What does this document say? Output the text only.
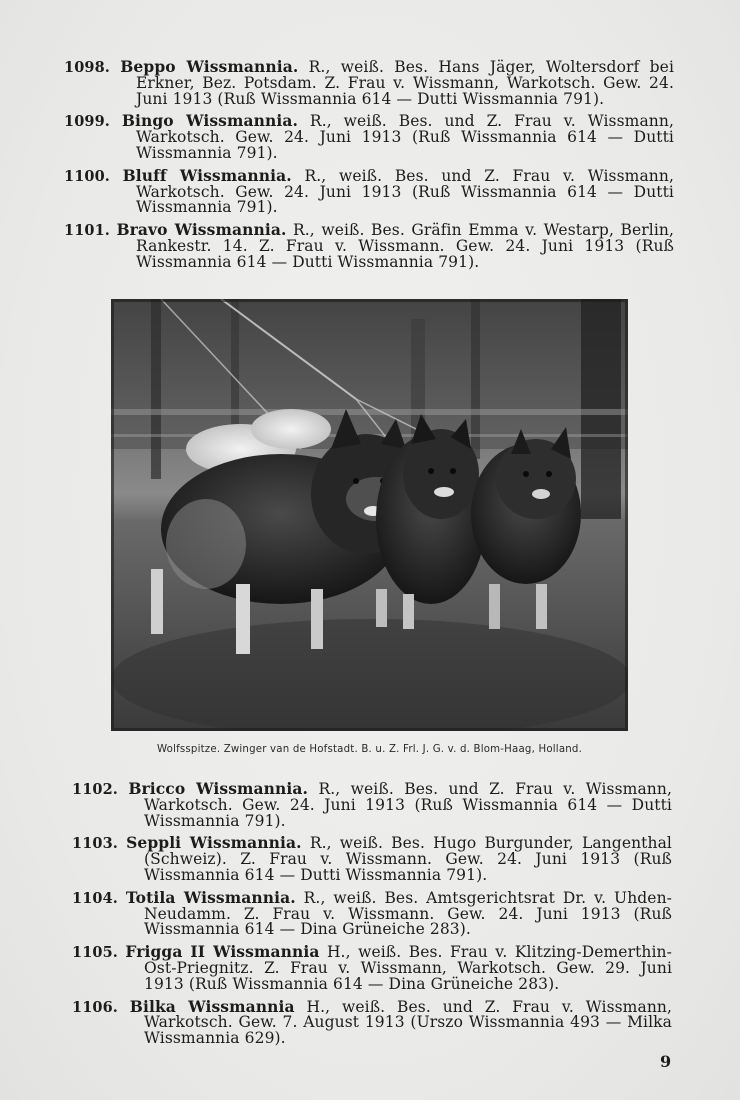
1098. Beppo Wissmannia. R., weiß. Bes. Hans Jäger, Woltersdorf bei Erkner, Bez. Potsdam. Z. Frau v. Wissmann, Warkotsch. Gew. 24. Juni 1913 (Ruß Wissmannia 614 — Dutti Wissmannia 791).

1099. Bingo Wissmannia. R., weiß. Bes. und Z. Frau v. Wissmann, Warkotsch. Gew. 24. Juni 1913 (Ruß Wissmannia 614 — Dutti Wissmannia 791).

1100. Bluff Wissmannia. R., weiß. Bes. und Z. Frau v. Wissmann, Warkotsch. Gew. 24. Juni 1913 (Ruß Wissmannia 614 — Dutti Wissmannia 791).

1101. Bravo Wissmannia. R., weiß. Bes. Gräfin Emma v. Westarp, Berlin, Rankestr. 14. Z. Frau v. Wissmann. Gew. 24. Juni 1913 (Ruß Wissmannia 614 — Dutti Wissmannia 791).

Wolfsspitze. Zwinger van de Hofstadt. B. u. Z. Frl. J. G. v. d. Blom-Haag, Holland.

1102. Bricco Wissmannia. R., weiß. Bes. und Z. Frau v. Wissmann, Warkotsch. Gew. 24. Juni 1913 (Ruß Wissmannia 614 — Dutti Wissmannia 791).

1103. Seppli Wissmannia. R., weiß. Bes. Hugo Burgunder, Langenthal (Schweiz). Z. Frau v. Wissmann. Gew. 24. Juni 1913 (Ruß Wissmannia 614 — Dutti Wissmannia 791).

1104. Totila Wissmannia. R., weiß. Bes. Amtsgerichtsrat Dr. v. Uhden-Neudamm. Z. Frau v. Wissmann. Gew. 24. Juni 1913 (Ruß Wissmannia 614 — Dina Grüneiche 283).

1105. Frigga II Wissmannia H., weiß. Bes. Frau v. Klitzing-Demerthin-Ost-Priegnitz. Z. Frau v. Wissmann, Warkotsch. Gew. 29. Juni 1913 (Ruß Wissmannia 614 — Dina Grüneiche 283).

1106. Bilka Wissmannia H., weiß. Bes. und Z. Frau v. Wissmann, Warkotsch. Gew. 7. August 1913 (Urszo Wissmannia 493 — Milka Wissmannia 629).

9
